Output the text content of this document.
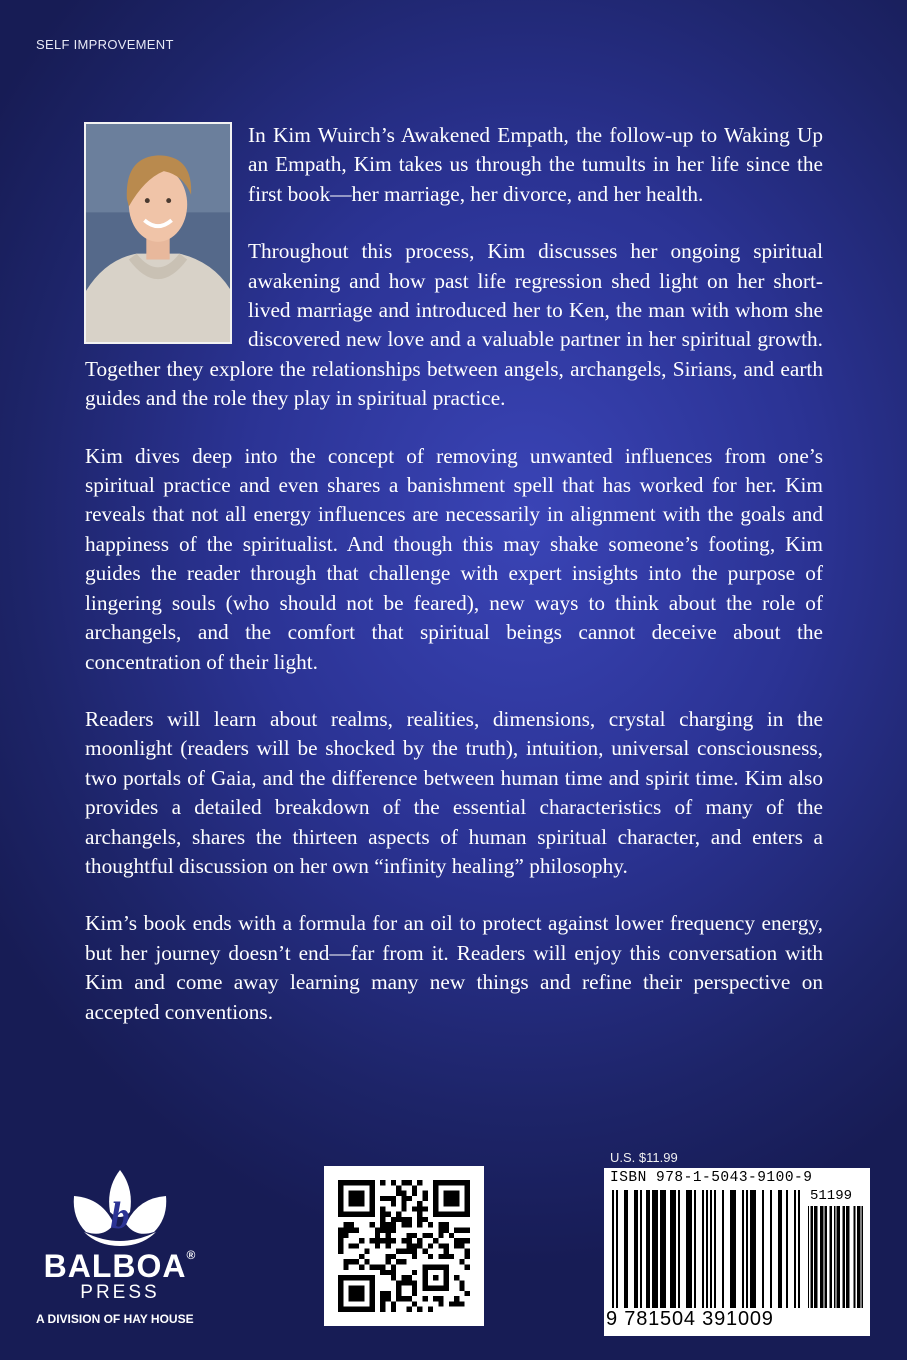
SELF IMPROVEMENT

In Kim Wuirch’s Awakened Empath, the follow-up to Waking Up an Empath, Kim takes us through the tumults in her life since the first book—her marriage, her divorce, and her health.

Throughout this process, Kim discusses her ongoing spiritual awakening and how past life regression shed light on her short-lived marriage and introduced her to Ken, the man with whom she discovered new love and a valuable partner in her spiritual growth. Together they explore the relationships between angels, archangels, Sirians, and earth guides and the role they play in spiritual practice.

Kim dives deep into the concept of removing unwanted influences from one’s spiritual practice and even shares a banishment spell that has worked for her. Kim reveals that not all energy influences are necessarily in alignment with the goals and happiness of the spiritualist. And though this may shake someone’s footing, Kim guides the reader through that challenge with expert insights into the purpose of lingering souls (who should not be feared), new ways to think about the role of archangels, and the comfort that spiritual beings cannot deceive about the concentration of their light.

Readers will learn about realms, realities, dimensions, crystal charging in the moonlight (readers will be shocked by the truth), intuition, universal consciousness, two portals of Gaia, and the difference between human time and spirit time. Kim also provides a detailed breakdown of the essential characteristics of many of the archangels, shares the thirteen aspects of human spiritual character, and enters a thoughtful discussion on her own “infinity healing” philosophy.

Kim’s book ends with a formula for an oil to protect against lower frequency energy, but her journey doesn’t end—far from it. Readers will enjoy this conversation with Kim and come away learning many new things and refine their perspective on accepted conventions.

b
BALBOA®
PRESS
A DIVISION OF HAY HOUSE
U.S. $11.99
ISBN 978-1-5043-9100-9
51199
9 781504 391009
